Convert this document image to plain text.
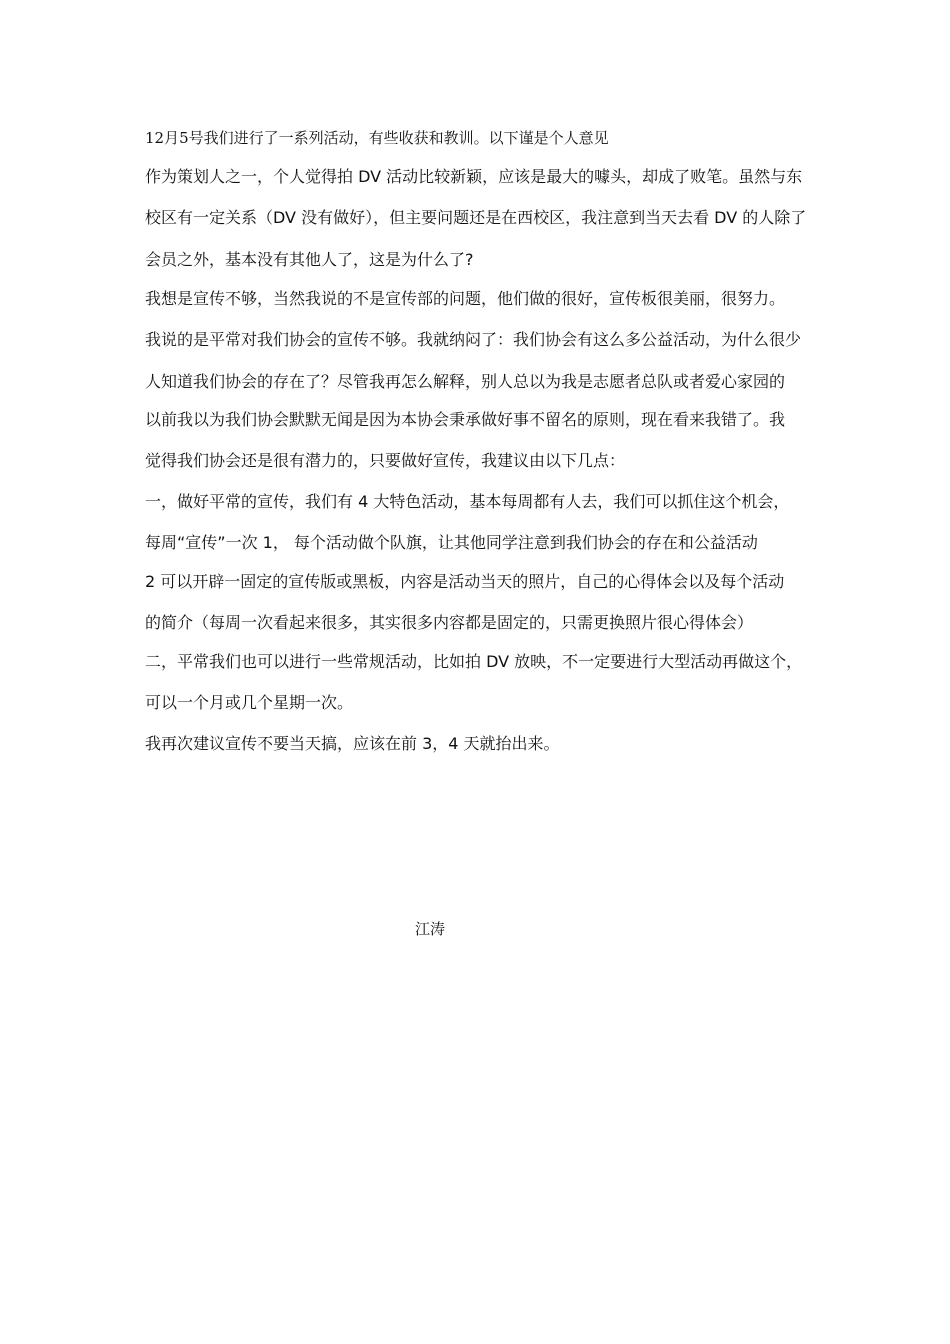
12月5号我们进行了一系列活动，有些收获和教训。以下谨是个人意见
作为策划人之一，个人觉得拍 DV 活动比较新颖，应该是最大的噱头，却成了败笔。虽然与东
校区有一定关系（DV 没有做好），但主要问题还是在西校区，我注意到当天去看 DV 的人除了
会员之外，基本没有其他人了，这是为什么了?
我想是宣传不够，当然我说的不是宣传部的问题，他们做的很好，宣传板很美丽，很努力。
我说的是平常对我们协会的宣传不够。我就纳闷了：我们协会有这么多公益活动，为什么很少
人知道我们协会的存在了？尽管我再怎么解释，别人总以为我是志愿者总队或者爱心家园的
以前我以为我们协会默默无闻是因为本协会秉承做好事不留名的原则，现在看来我错了。我
觉得我们协会还是很有潜力的，只要做好宣传，我建议由以下几点：
一，做好平常的宣传，我们有 4 大特色活动，基本每周都有人去，我们可以抓住这个机会，
每周“宣传”一次 1， 每个活动做个队旗，让其他同学注意到我们协会的存在和公益活动
2 可以开辟一固定的宣传版或黑板，内容是活动当天的照片，自己的心得体会以及每个活动
的简介（每周一次看起来很多，其实很多内容都是固定的，只需更换照片很心得体会）
二，平常我们也可以进行一些常规活动，比如拍 DV 放映，不一定要进行大型活动再做这个，
可以一个月或几个星期一次。
我再次建议宣传不要当天搞，应该在前 3，4 天就抬出来。
江涛
